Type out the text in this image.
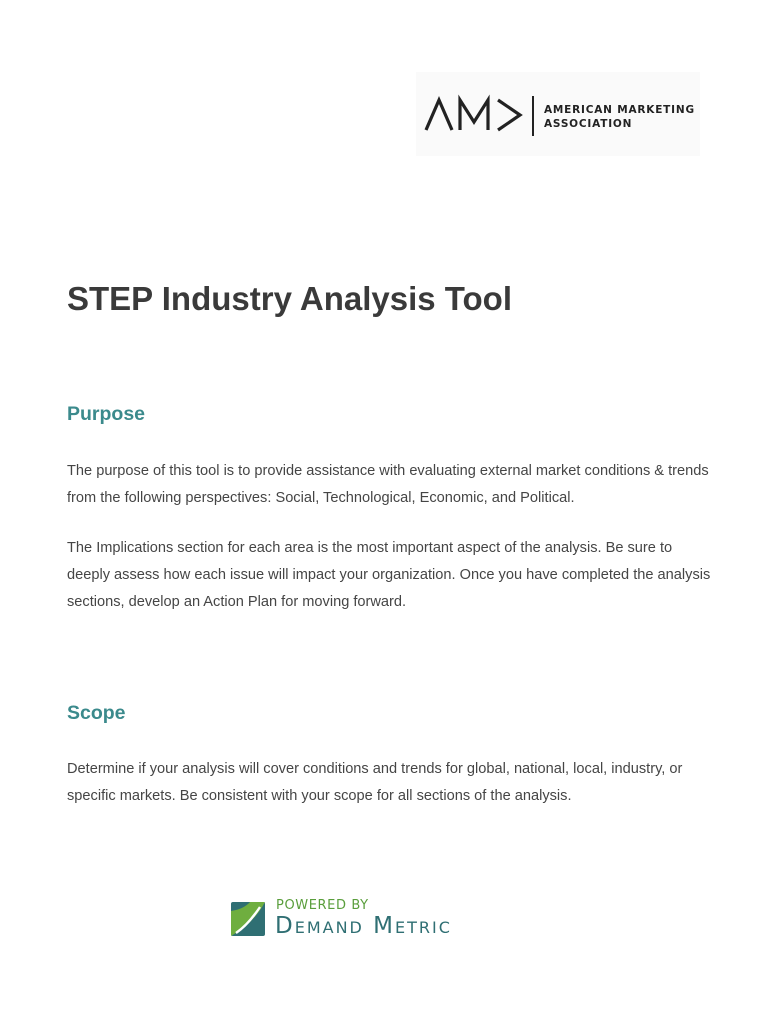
AMERICAN MARKETING
ASSOCIATION
STEP Industry Analysis Tool
Purpose

The purpose of this tool is to provide assistance with evaluating external market conditions & trends from the following perspectives: Social, Technological, Economic, and Political.

The Implications section for each area is the most important aspect of the analysis. Be sure to deeply assess how each issue will impact your organization. Once you have completed the analysis sections, develop an Action Plan for moving forward.

Scope

Determine if your analysis will cover conditions and trends for global, national, local, industry, or specific markets. Be consistent with your scope for all sections of the analysis.

POWERED BY
Demand Metric
